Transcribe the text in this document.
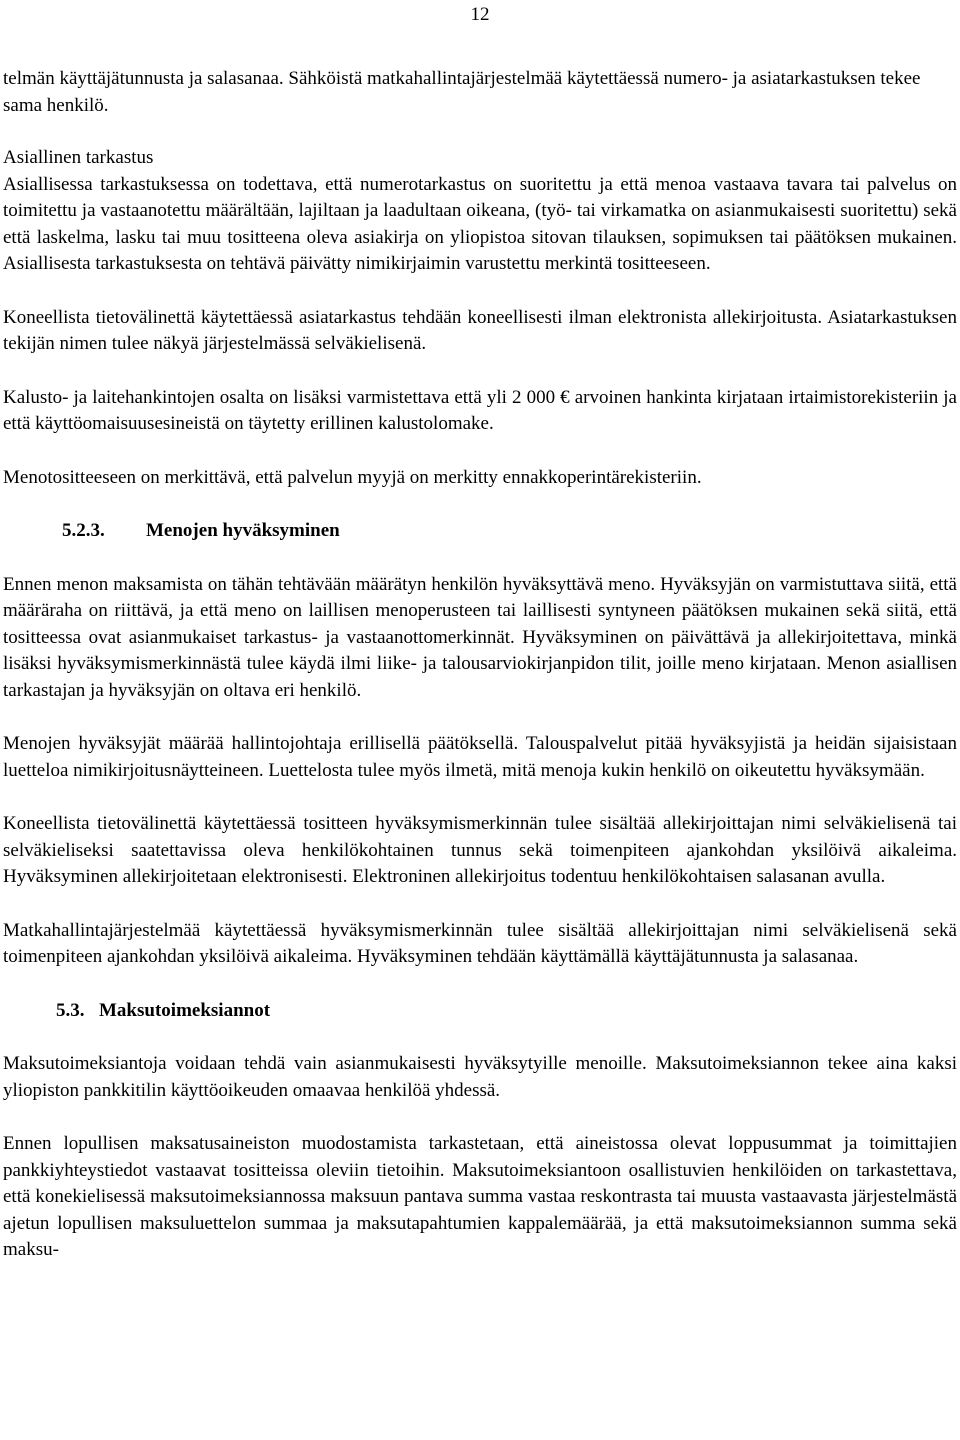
12

telmän käyttäjätunnusta ja salasanaa. Sähköistä matkahallintajärjestelmää käytettäessä numero- ja asiatarkastuksen tekee sama henkilö.

Asiallinen tarkastus

Asiallisessa tarkastuksessa on todettava, että numerotarkastus on suoritettu ja että menoa vastaava tavara tai palvelus on toimitettu ja vastaanotettu määrältään, lajiltaan ja laadultaan oikeana, (työ- tai virkamatka on asianmukaisesti suoritettu) sekä että laskelma, lasku tai muu tositteena oleva asiakirja on yliopistoa sitovan tilauksen, sopimuksen tai päätöksen mukainen. Asiallisesta tarkastuksesta on tehtävä päivätty nimikirjaimin varustettu merkintä tositteeseen.

Koneellista tietovälinettä käytettäessä asiatarkastus tehdään koneellisesti ilman elektronista allekirjoitusta. Asiatarkastuksen tekijän nimen tulee näkyä järjestelmässä selväkielisenä.

Kalusto- ja laitehankintojen osalta on lisäksi varmistettava että yli 2 000 € arvoinen hankinta kirjataan irtaimistorekisteriin ja että käyttöomaisuusesineistä on täytetty erillinen kalustolomake.

Menotositteeseen on merkittävä, että palvelun myyjä on merkitty ennakkoperintärekisteriin.

5.2.3. Menojen hyväksyminen

Ennen menon maksamista on tähän tehtävään määrätyn henkilön hyväksyttävä meno. Hyväksyjän on varmistuttava siitä, että määräraha on riittävä, ja että meno on laillisen menoperusteen tai laillisesti syntyneen päätöksen mukainen sekä siitä, että tositteessa ovat asianmukaiset tarkastus- ja vastaanottomerkinnät. Hyväksyminen on päivättävä ja allekirjoitettava, minkä lisäksi hyväksymismerkinnästä tulee käydä ilmi liike- ja talousarviokirjanpidon tilit, joille meno kirjataan. Menon asiallisen tarkastajan ja hyväksyjän on oltava eri henkilö.

Menojen hyväksyjät määrää hallintojohtaja erillisellä päätöksellä. Talouspalvelut pitää hyväksyjistä ja heidän sijaisistaan luetteloa nimikirjoitusnäytteineen. Luettelosta tulee myös ilmetä, mitä menoja kukin henkilö on oikeutettu hyväksymään.

Koneellista tietovälinettä käytettäessä tositteen hyväksymismerkinnän tulee sisältää allekirjoittajan nimi selväkielisenä tai selväkieliseksi saatettavissa oleva henkilökohtainen tunnus sekä toimenpiteen ajankohdan yksilöivä aikaleima. Hyväksyminen allekirjoitetaan elektronisesti. Elektroninen allekirjoitus todentuu henkilökohtaisen salasanan avulla.

Matkahallintajärjestelmää käytettäessä hyväksymismerkinnän tulee sisältää allekirjoittajan nimi selväkielisenä sekä toimenpiteen ajankohdan yksilöivä aikaleima. Hyväksyminen tehdään käyttämällä käyttäjätunnusta ja salasanaa.

5.3. Maksutoimeksiannot

Maksutoimeksiantoja voidaan tehdä vain asianmukaisesti hyväksytyille menoille. Maksutoimeksiannon tekee aina kaksi yliopiston pankkitilin käyttöoikeuden omaavaa henkilöä yhdessä.

Ennen lopullisen maksatusaineiston muodostamista tarkastetaan, että aineistossa olevat loppusummat ja toimittajien pankkiyhteystiedot vastaavat tositteissa oleviin tietoihin. Maksutoimeksiantoon osallistuvien henkilöiden on tarkastettava, että konekielisessä maksutoimeksiannossa maksuun pantava summa vastaa reskontrasta tai muusta vastaavasta järjestelmästä ajetun lopullisen maksuluettelon summaa ja maksutapahtumien kappalemäärää, ja että maksutoimeksiannon summa sekä maksu-
